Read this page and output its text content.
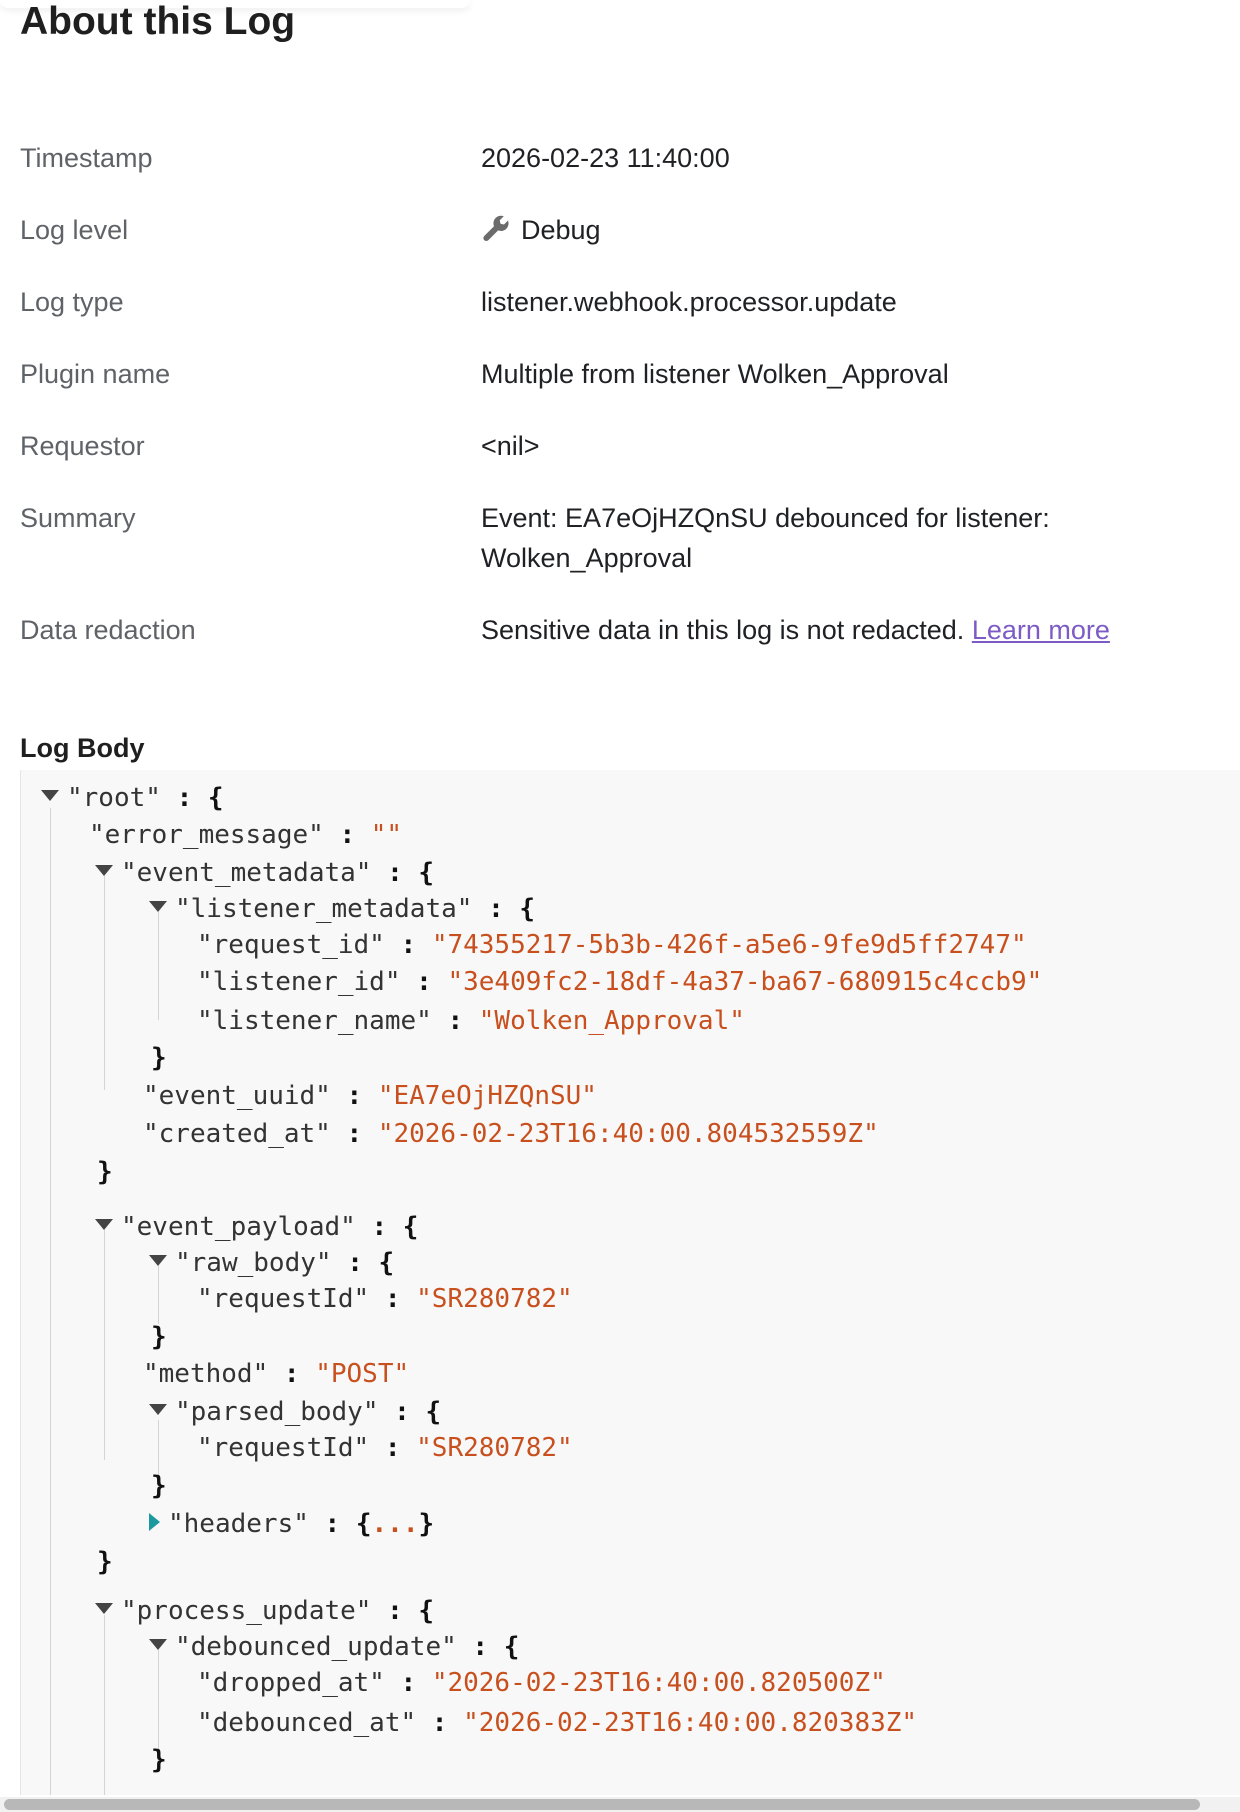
About this Log
Timestamp	2026-02-23 11:40:00
Log level	Debug
Log type	listener.webhook.processor.update
Plugin name	Multiple from listener Wolken_Approval
Requestor	<nil>
Summary	Event: EA7eOjHZQnSU debounced for listener: Wolken_Approval
Data redaction	Sensitive data in this log is not redacted. Learn more
Log Body
"root" : {
"error_message" : ""
"event_metadata" : {
"listener_metadata" : {
"request_id" : "74355217-5b3b-426f-a5e6-9fe9d5ff2747"
"listener_id" : "3e409fc2-18df-4a37-ba67-680915c4ccb9"
"listener_name" : "Wolken_Approval"
}
"event_uuid" : "EA7eOjHZQnSU"
"created_at" : "2026-02-23T16:40:00.804532559Z"
}
"event_payload" : {
"raw_body" : {
"requestId" : "SR280782"
}
"method" : "POST"
"parsed_body" : {
"requestId" : "SR280782"
}
"headers" : {...}
}
"process_update" : {
"debounced_update" : {
"dropped_at" : "2026-02-23T16:40:00.820500Z"
"debounced_at" : "2026-02-23T16:40:00.820383Z"
}
